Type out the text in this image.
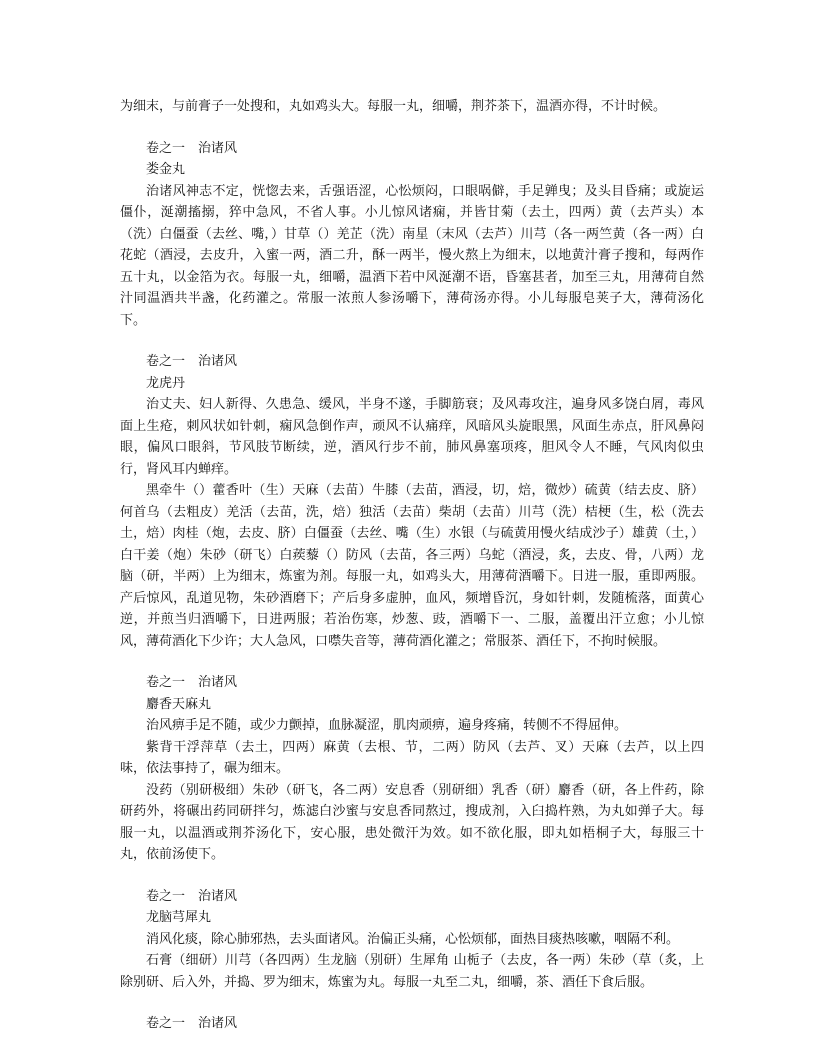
为细末，与前膏子一处搜和，丸如鸡头大。每服一丸，细嚼，荆芥茶下，温酒亦得，不计时候。

卷之一　治诸风

娄金丸

治诸风神志不定，恍惚去来，舌强语涩，心忪烦闷，口眼㖞僻，手足亸曳；及头目昏痛；或旋运僵仆，涎潮搐搦，猝中急风，不省人事。小儿惊风诸痫，并皆甘菊（去土，四两）黄（去芦头）本（洗）白僵蚕（去丝、嘴，）甘草（）羌芷（洗）南星（末风（去芦）川芎（各一两竺黄（各一两）白花蛇（酒浸，去皮升，入蜜一两，酒二升，酥一两半，慢火熬上为细末，以地黄汁膏子搜和，每两作五十丸，以金箔为衣。每服一丸，细嚼，温酒下若中风涎潮不语，昏塞甚者，加至三丸，用薄荷自然汁同温酒共半盏，化药灌之。常服一浓煎人参汤嚼下，薄荷汤亦得。小儿每服皂荚子大，薄荷汤化下。

卷之一　治诸风

龙虎丹

治丈夫、妇人新得、久患急、缓风，半身不遂，手脚筋衰；及风毒攻注，遍身风多饶白屑，毒风面上生疮，刺风状如针刺，痫风急倒作声，顽风不认痛痒，风暗风头旋眼黑，风面生赤点，肝风鼻闷眼，偏风口眼斜，节风肢节断续，逆，酒风行步不前，肺风鼻塞项疼，胆风令人不睡，气风肉似虫行，肾风耳内蝉痒。

黑牵牛（）藿香叶（生）天麻（去苗）牛膝（去苗，酒浸，切，焙，微炒）硫黄（结去皮、脐）何首乌（去粗皮）羌活（去苗，洗，焙）独活（去苗）柴胡（去苗）川芎（洗）桔梗（生，松（洗去土，焙）肉桂（炮，去皮、脐）白僵蚕（去丝、嘴（生）水银（与硫黄用慢火结成沙子）雄黄（土，）白干姜（炮）朱砂（研飞）白蒺藜（）防风（去苗，各三两）乌蛇（酒浸，炙，去皮、骨，八两）龙脑（研，半两）上为细末，炼蜜为剂。每服一丸，如鸡头大，用薄荷酒嚼下。日进一服，重即两服。产后惊风，乱道见物，朱砂酒磨下；产后身多虚肿，血风，频增昏沉，身如针刺，发随梳落，面黄心逆，并煎当归酒嚼下，日进两服；若治伤寒，炒葱、豉，酒嚼下一、二服，盖覆出汗立愈；小儿惊风，薄荷酒化下少许；大人急风，口噤失音等，薄荷酒化灌之；常服茶、酒任下，不拘时候服。

卷之一　治诸风

麝香天麻丸

治风痹手足不随，或少力颤掉，血脉凝涩，肌肉顽痹，遍身疼痛，转侧不不得屈伸。

紫背干浮萍草（去土，四两）麻黄（去根、节，二两）防风（去芦、叉）天麻（去芦，以上四味，依法事持了，碾为细末。

没药（别研极细）朱砂（研飞，各二两）安息香（别研细）乳香（研）麝香（研，各上件药，除研药外，将碾出药同研拌匀，炼滤白沙蜜与安息香同熬过，搜成剂，入臼捣杵熟，为丸如弹子大。每服一丸，以温酒或荆芥汤化下，安心服，患处微汗为效。如不欲化服，即丸如梧桐子大，每服三十丸，依前汤使下。

卷之一　治诸风

龙脑芎犀丸

消风化痰，除心肺邪热，去头面诸风。治偏正头痛，心忪烦郁，面热目痰热咳嗽，咽隔不利。

石膏（细研）川芎（各四两）生龙脑（别研）生犀角 山栀子（去皮，各一两）朱砂（草（炙，上除别研、后入外，并捣、罗为细末，炼蜜为丸。每服一丸至二丸，细嚼，茶、酒任下食后服。

卷之一　治诸风
